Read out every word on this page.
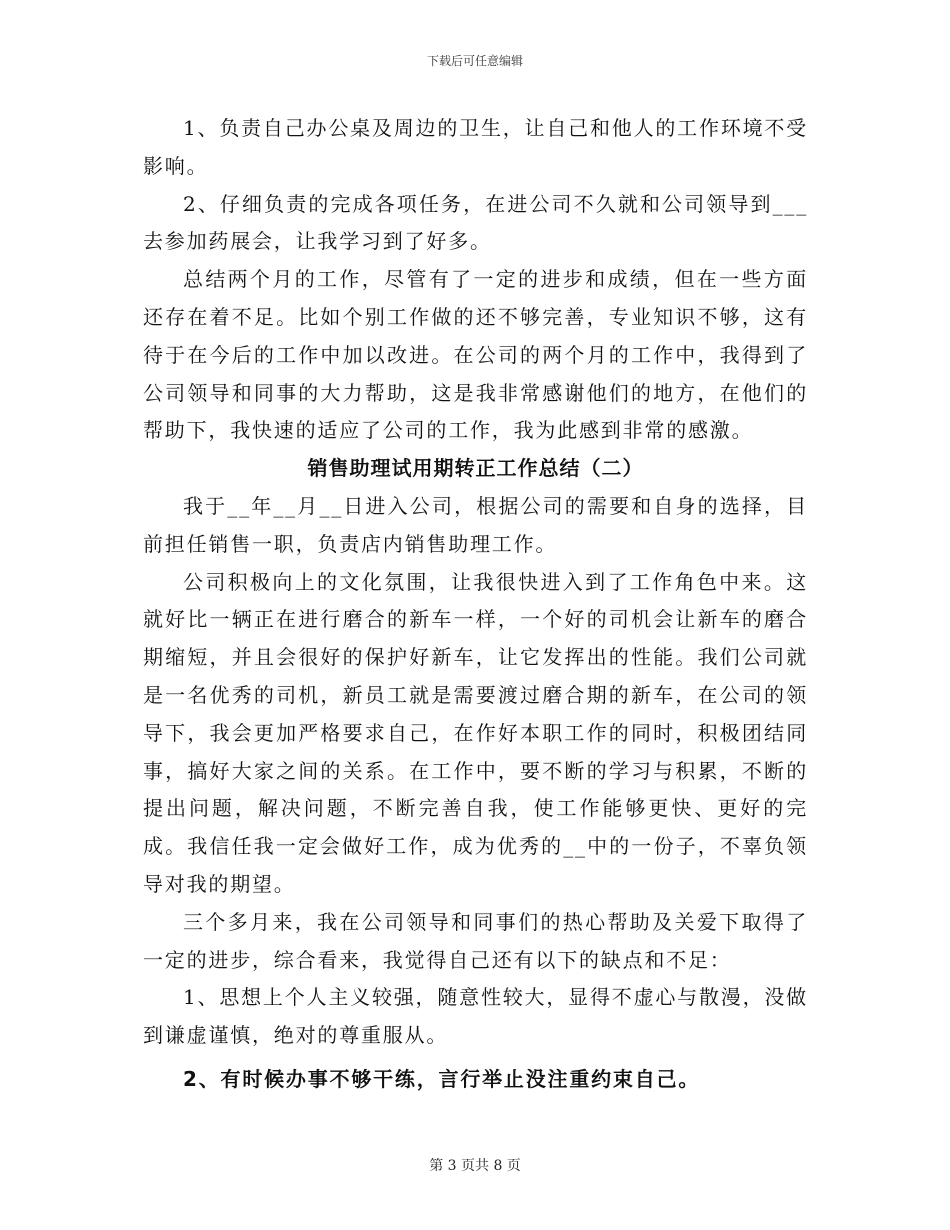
下载后可任意编辑

1、负责自己办公桌及周边的卫生，让自己和他人的工作环境不受影响。

2、仔细负责的完成各项任务，在进公司不久就和公司领导到___去参加药展会，让我学习到了好多。

总结两个月的工作，尽管有了一定的进步和成绩，但在一些方面还存在着不足。比如个别工作做的还不够完善，专业知识不够，这有待于在今后的工作中加以改进。在公司的两个月的工作中，我得到了公司领导和同事的大力帮助，这是我非常感谢他们的地方，在他们的帮助下，我快速的适应了公司的工作，我为此感到非常的感激。

销售助理试用期转正工作总结（二）

我于__年__月__日进入公司，根据公司的需要和自身的选择，目前担任销售一职，负责店内销售助理工作。

公司积极向上的文化氛围，让我很快进入到了工作角色中来。这就好比一辆正在进行磨合的新车一样，一个好的司机会让新车的磨合期缩短，并且会很好的保护好新车，让它发挥出的性能。我们公司就是一名优秀的司机，新员工就是需要渡过磨合期的新车，在公司的领导下，我会更加严格要求自己，在作好本职工作的同时，积极团结同事，搞好大家之间的关系。在工作中，要不断的学习与积累，不断的提出问题，解决问题，不断完善自我，使工作能够更快、更好的完成。我信任我一定会做好工作，成为优秀的__中的一份子，不辜负领导对我的期望。

三个多月来，我在公司领导和同事们的热心帮助及关爱下取得了一定的进步，综合看来，我觉得自己还有以下的缺点和不足：

1、思想上个人主义较强，随意性较大，显得不虚心与散漫，没做到谦虚谨慎，绝对的尊重服从。

2、有时候办事不够干练，言行举止没注重约束自己。

第 3 页共 8 页
